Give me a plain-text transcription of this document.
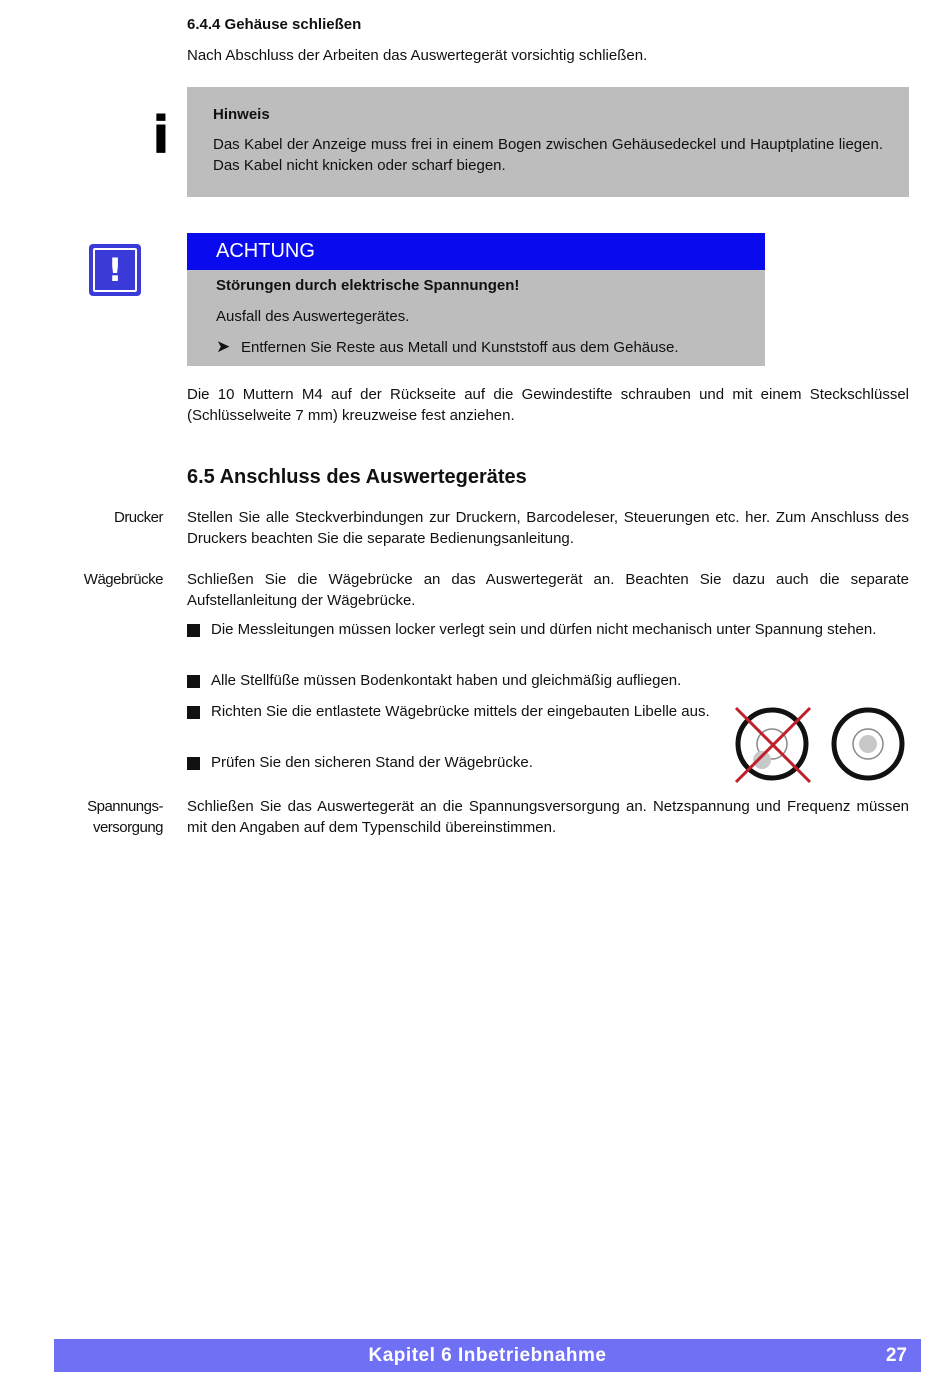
6.4.4 Gehäuse schließen
Nach Abschluss der Arbeiten das Auswertegerät vorsichtig schließen.
i	Hinweis
Das Kabel der Anzeige muss frei in einem Bogen zwischen Gehäusedeckel und Hauptplatine liegen. Das Kabel nicht knicken oder scharf biegen.
!	ACHTUNG
Störungen durch elektrische Spannungen!
Ausfall des Auswertegerätes.
➤ Entfernen Sie Reste aus Metall und Kunststoff aus dem Gehäuse.
Die 10 Muttern M4 auf der Rückseite auf die Gewindestifte schrauben und mit einem Steckschlüssel (Schlüsselweite 7 mm) kreuzweise fest anziehen.
6.5 Anschluss des Auswertegerätes
Drucker Stellen Sie alle Steckverbindungen zur Druckern, Barcodeleser, Steuerungen etc. her. Zum Anschluss des Druckers beachten Sie die separate Bedienungsanleitung.
Wägebrücke Schließen Sie die Wägebrücke an das Auswertegerät an. Beachten Sie dazu auch die separate Aufstellanleitung der Wägebrücke.
Die Messleitungen müssen locker verlegt sein und dürfen nicht mechanisch unter Spannung stehen.
Alle Stellfüße müssen Bodenkontakt haben und gleichmäßig aufliegen.
Richten Sie die entlastete Wägebrücke mittels der eingebauten Libelle aus.
Prüfen Sie den sicheren Stand der Wägebrücke.
Spannungs-
versorgung
Schließen Sie das Auswertegerät an die Spannungsversorgung an. Netzspannung und Frequenz müssen mit den Angaben auf dem Typenschild übereinstimmen.
Kapitel 6 Inbetriebnahme	27
